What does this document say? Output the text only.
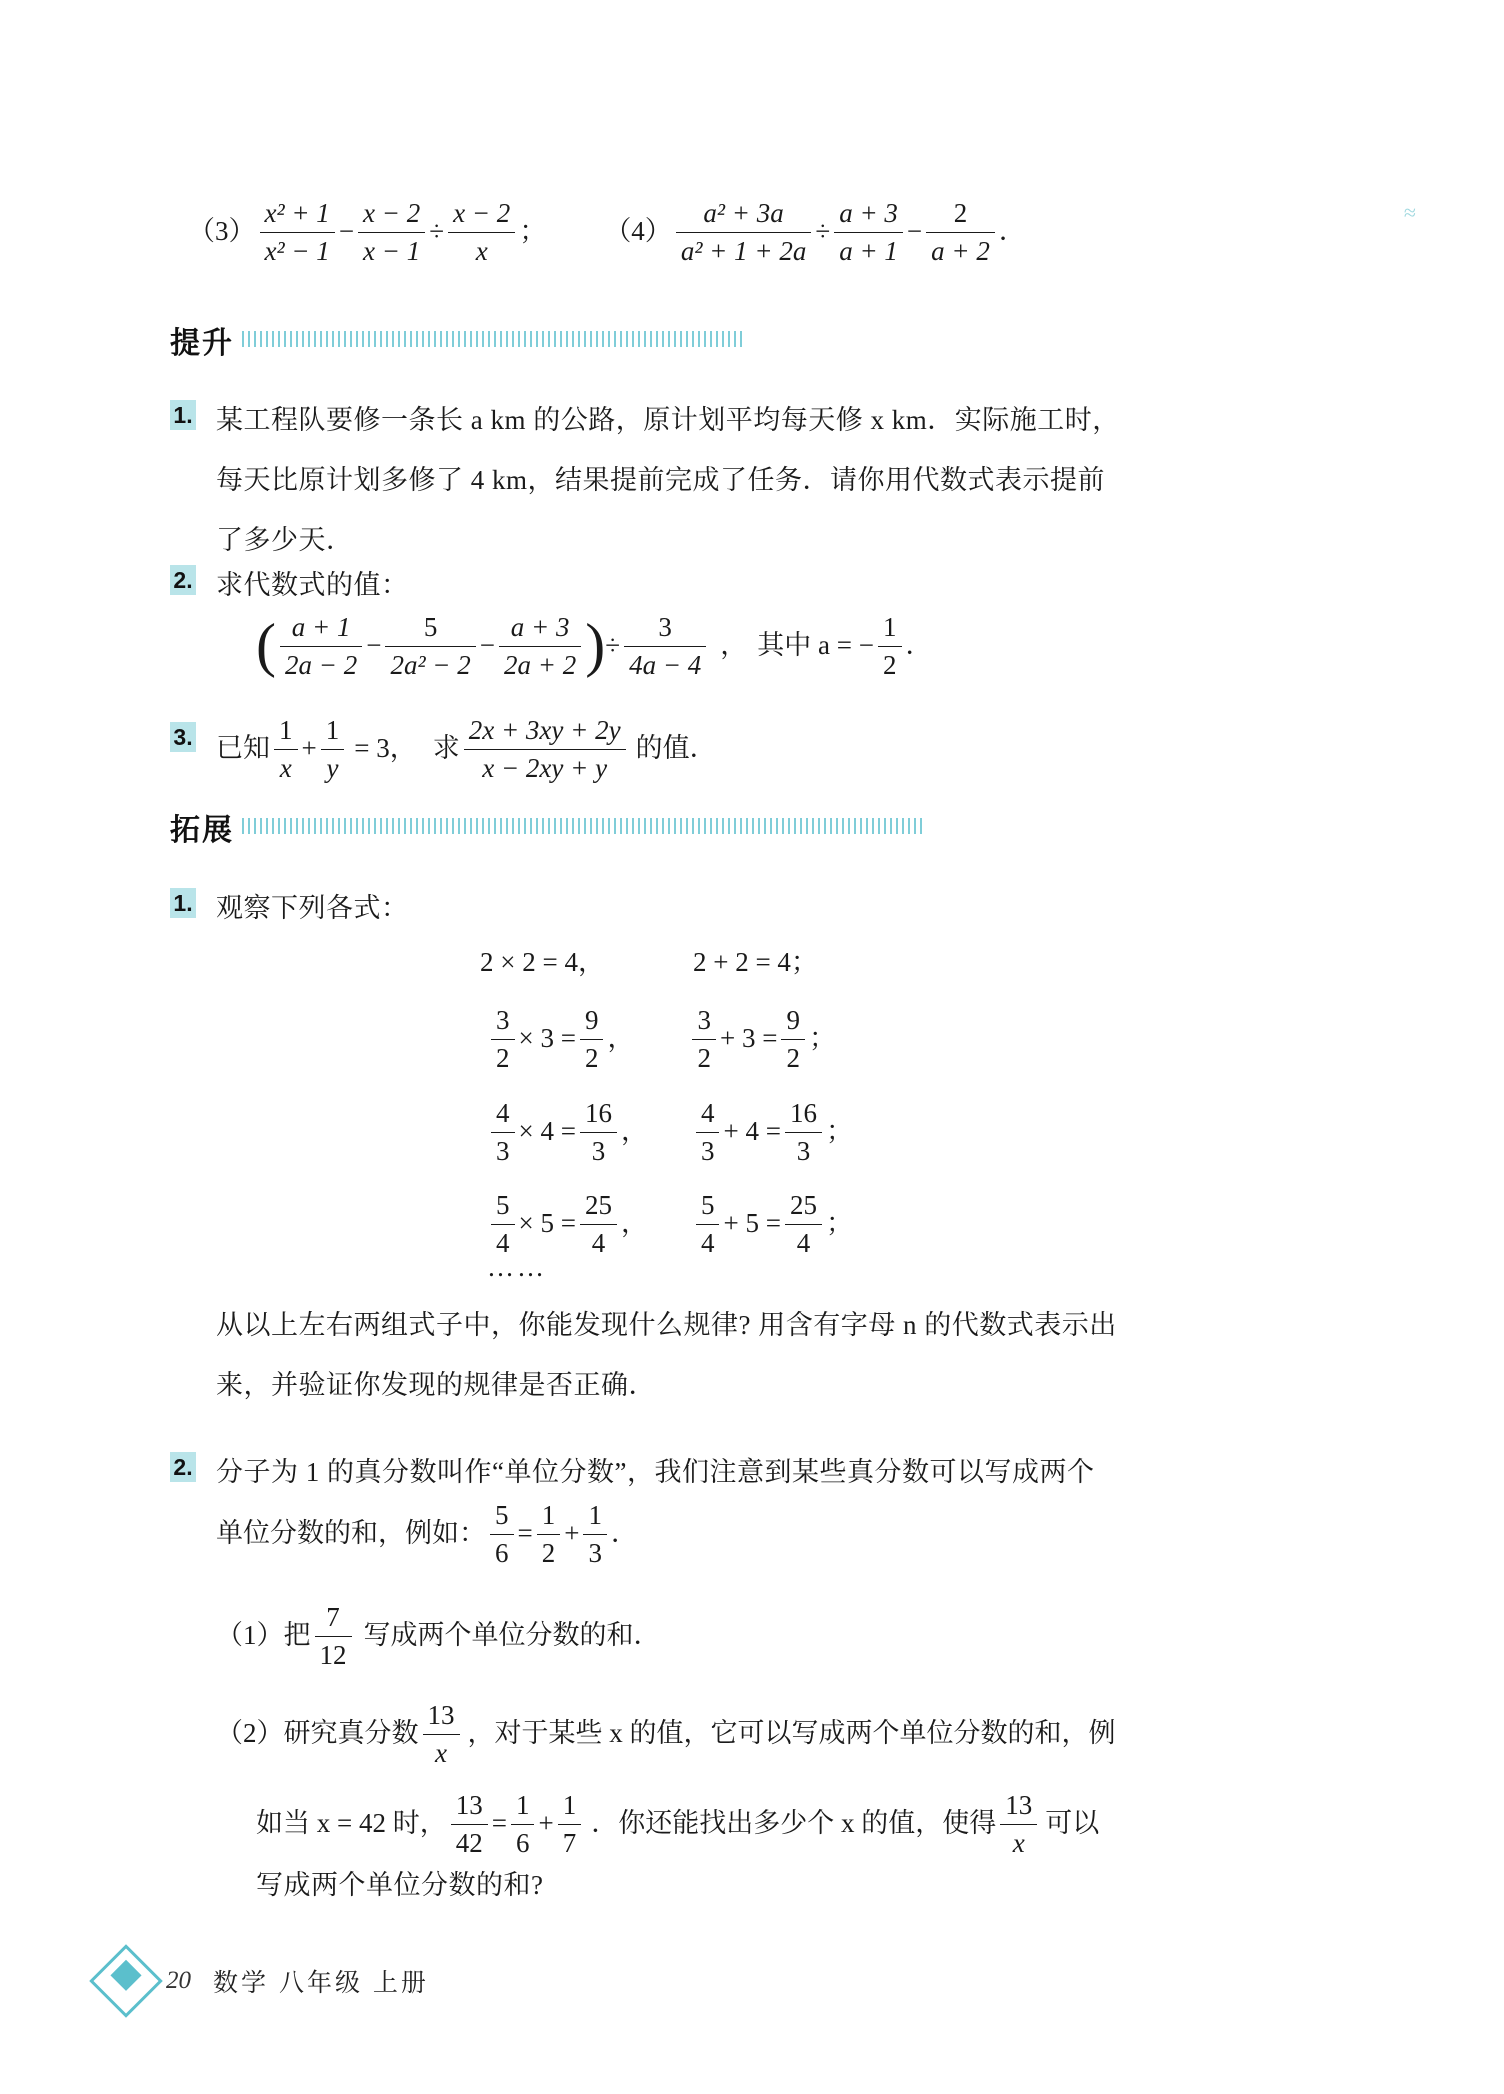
≈
$(3) \frac{\text{x² + 1}}{\text{x² − 1}} - \frac{x - 2}{x - 1} \div \frac{x - 2}{x}$ ； $(4) \frac{\text{a² + 3a}}{\text{a² + 1 + 2a}} \div \frac{a + 3}{a + 1} - \frac{2}{a + 2}$ ．
提升
1. 某工程队要修一条长 a km 的公路，原计划平均每天修 x km．实际施工时，
每天比原计划多修了 4 km，结果提前完成了任务．请你用代数式表示提前
了多少天．
2. 求代数式的值：
( $\frac{a + 1}{2a - 2} - \frac{5}{\text{2a² − 2}} - \frac{a + 3}{2a + 2}$ )÷ $\frac{3}{4a - 4}$ ， 其中 a = − $\frac{1}{2}$ ．
3. 已知 $\frac{1}{x} + \frac{1}{y} = 3$， 求 $\frac{2x + 3xy + 2y}{x - 2xy + y}$ 的值．
拓展
1. 观察下列各式：
2 × 2 = 4，	2 + 2 = 4；
$\frac{3}{2} \times 3 = \frac{9}{2}$ ， $\frac{3}{2} + 3 = \frac{9}{2}$ ；
$\frac{4}{3} \times 4 = \frac{16}{3}$ ， $\frac{4}{3} + 4 = \frac{16}{3}$ ；
$\frac{5}{4} \times 5 = \frac{25}{4}$ ， $\frac{5}{4} + 5 = \frac{25}{4}$ ；
……
从以上左右两组式子中，你能发现什么规律? 用含有字母 n 的代数式表示出
来，并验证你发现的规律是否正确．
2. 分子为 1 的真分数叫作“单位分数”，我们注意到某些真分数可以写成两个
单位分数的和，例如： $\frac{5}{6} = \frac{1}{2} + \frac{1}{3}$ ．
（1）把 $\frac{7}{12}$ 写成两个单位分数的和．
（2）研究真分数 $\frac{13}{x}$ ，对于某些 x 的值，它可以写成两个单位分数的和，例
如当 x = 42 时， $\frac{13}{42} = \frac{1}{6} + \frac{1}{7}$ ．你还能找出多少个 x 的值，使得 $\frac{13}{x}$ 可以
写成两个单位分数的和?
20 数学 八年级 上册
